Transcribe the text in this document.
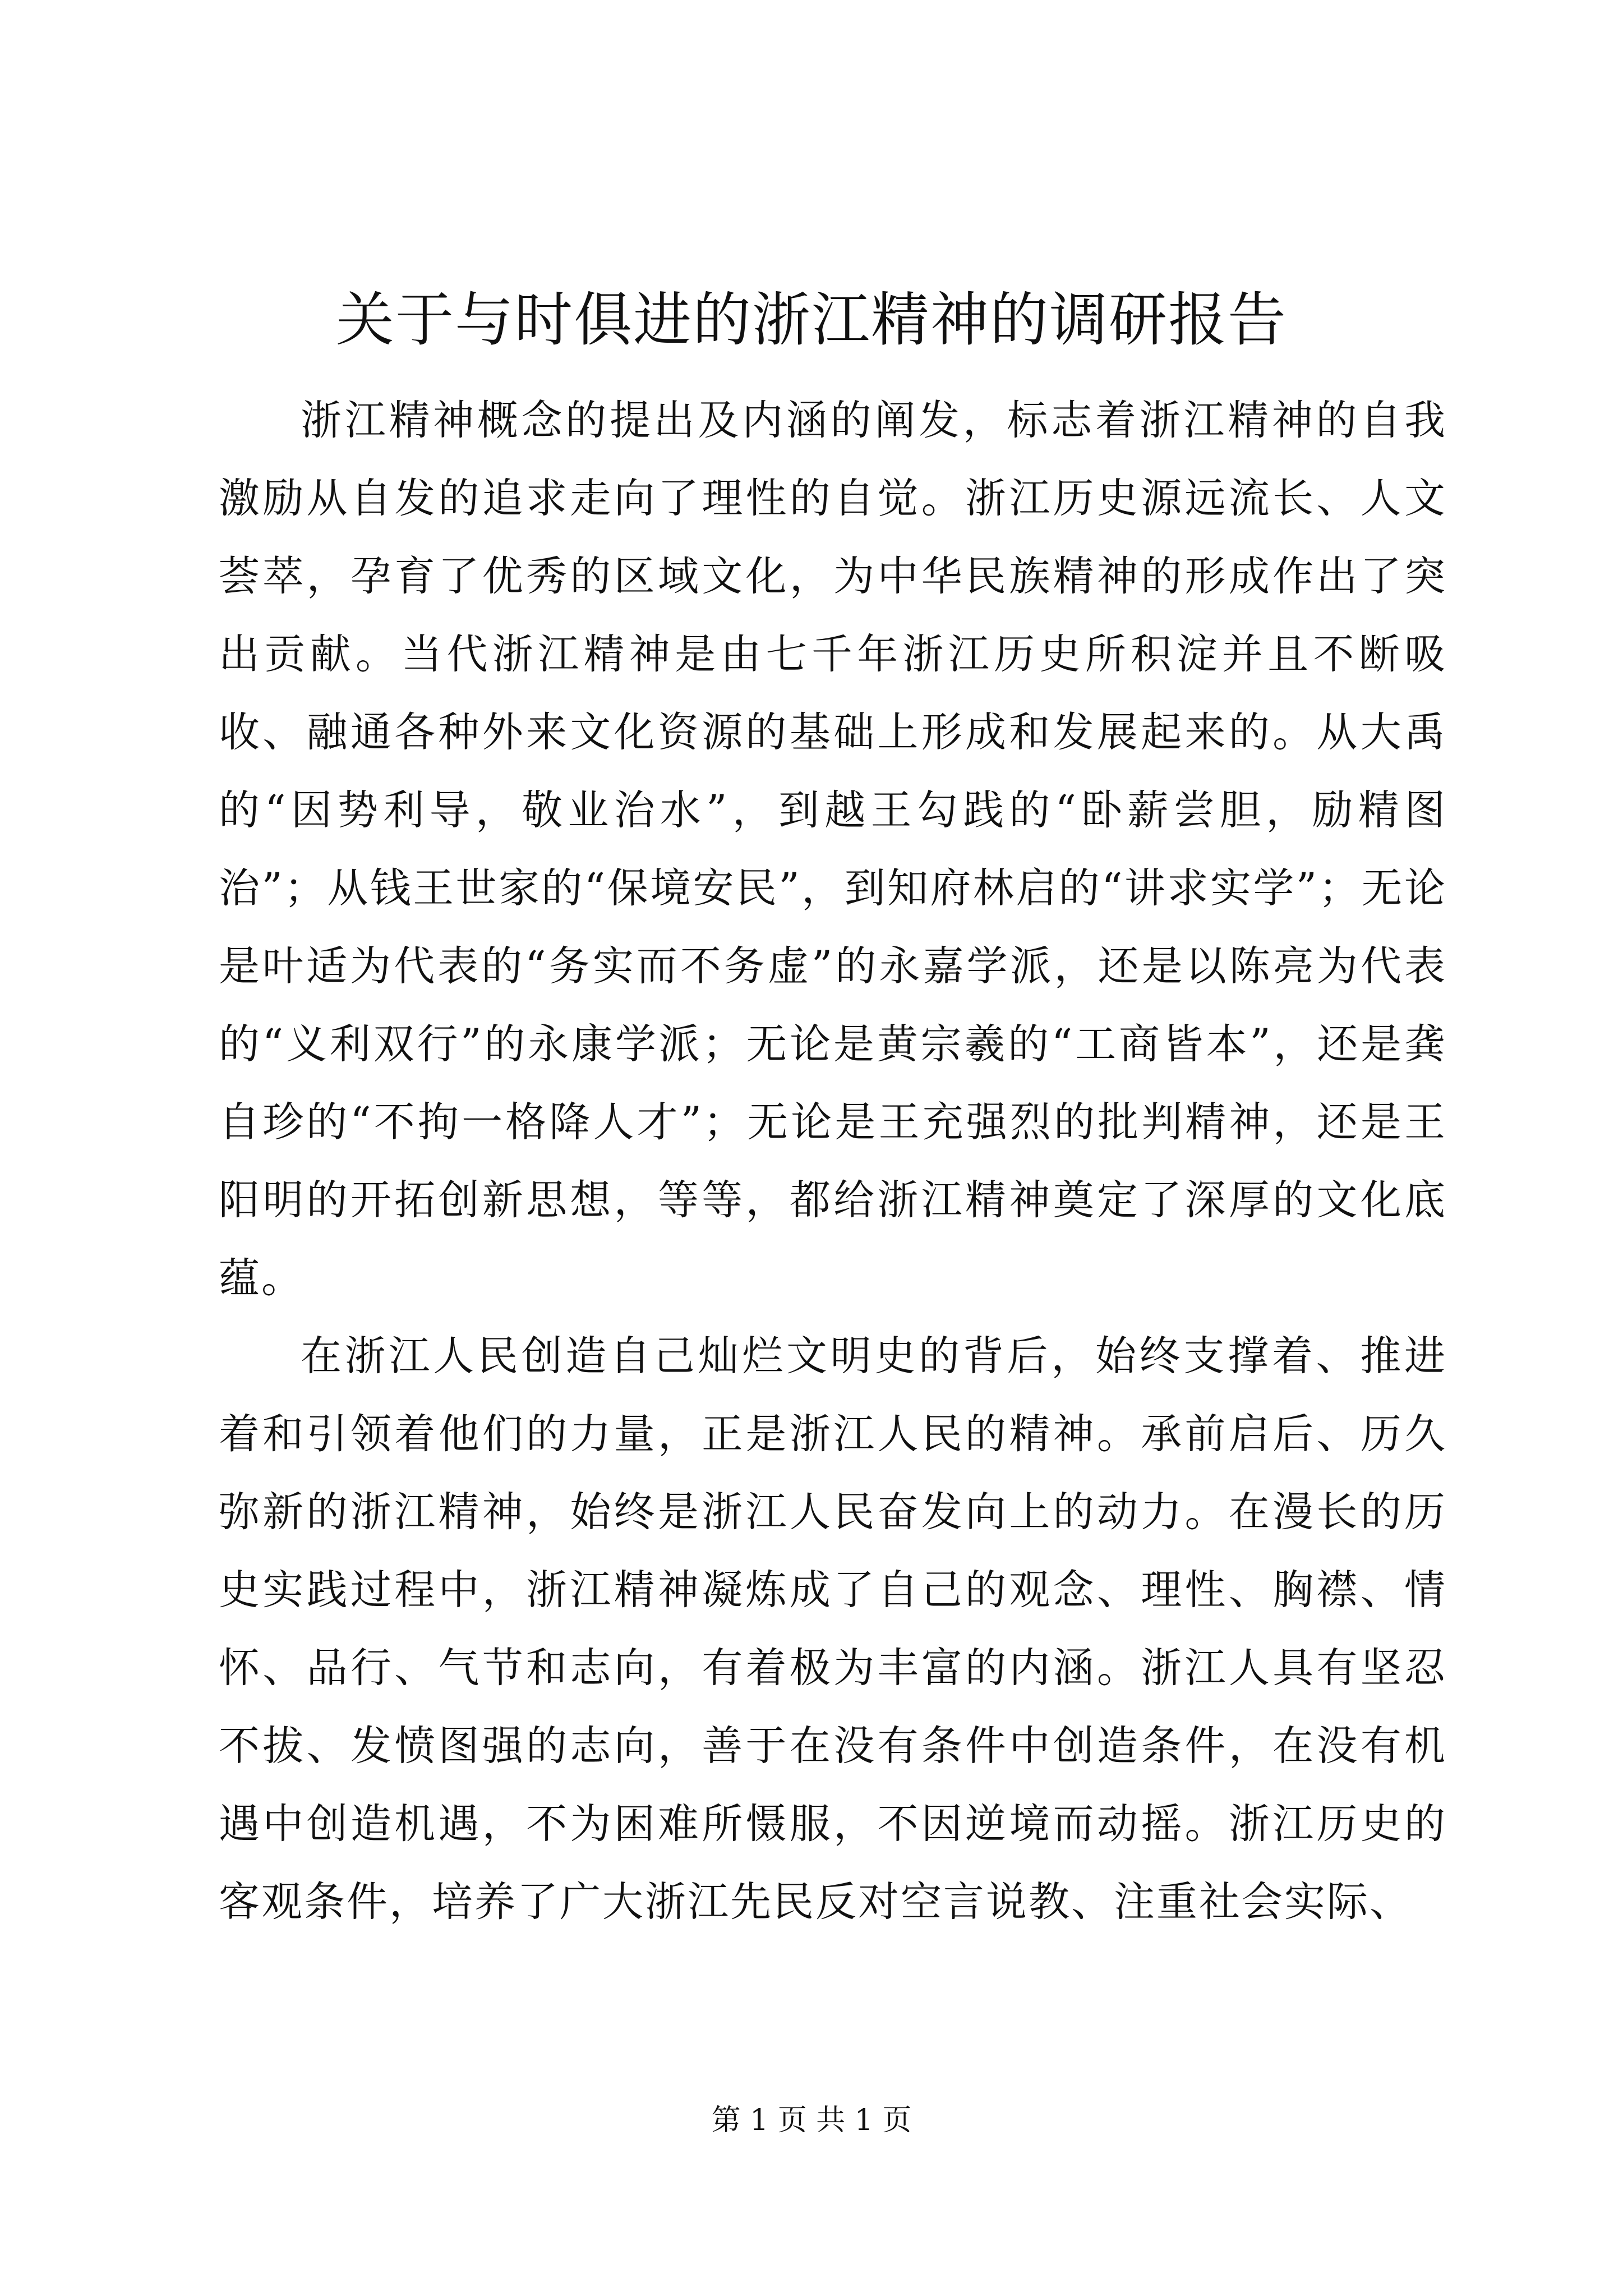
关于与时俱进的浙江精神的调研报告

浙江精神概念的提出及内涵的阐发，标志着浙江精神的自我激励从自发的追求走向了理性的自觉。浙江历史源远流长、人文荟萃，孕育了优秀的区域文化，为中华民族精神的形成作出了突出贡献。当代浙江精神是由七千年浙江历史所积淀并且不断吸收、融通各种外来文化资源的基础上形成和发展起来的。从大禹的“因势利导，敬业治水”，到越王勾践的“卧薪尝胆，励精图治”；从钱王世家的“保境安民”，到知府林启的“讲求实学”；无论是叶适为代表的“务实而不务虚”的永嘉学派，还是以陈亮为代表的“义利双行”的永康学派；无论是黄宗羲的“工商皆本”，还是龚自珍的“不拘一格降人才”；无论是王充强烈的批判精神，还是王阳明的开拓创新思想，等等，都给浙江精神奠定了深厚的文化底蕴。

在浙江人民创造自己灿烂文明史的背后，始终支撑着、推进着和引领着他们的力量，正是浙江人民的精神。承前启后、历久弥新的浙江精神，始终是浙江人民奋发向上的动力。在漫长的历史实践过程中，浙江精神凝炼成了自己的观念、理性、胸襟、情怀、品行、气节和志向，有着极为丰富的内涵。浙江人具有坚忍不拔、发愤图强的志向，善于在没有条件中创造条件，在没有机遇中创造机遇，不为困难所慑服，不因逆境而动摇。浙江历史的客观条件，培养了广大浙江先民反对空言说教、注重社会实际、

第 1 页 共 1 页
